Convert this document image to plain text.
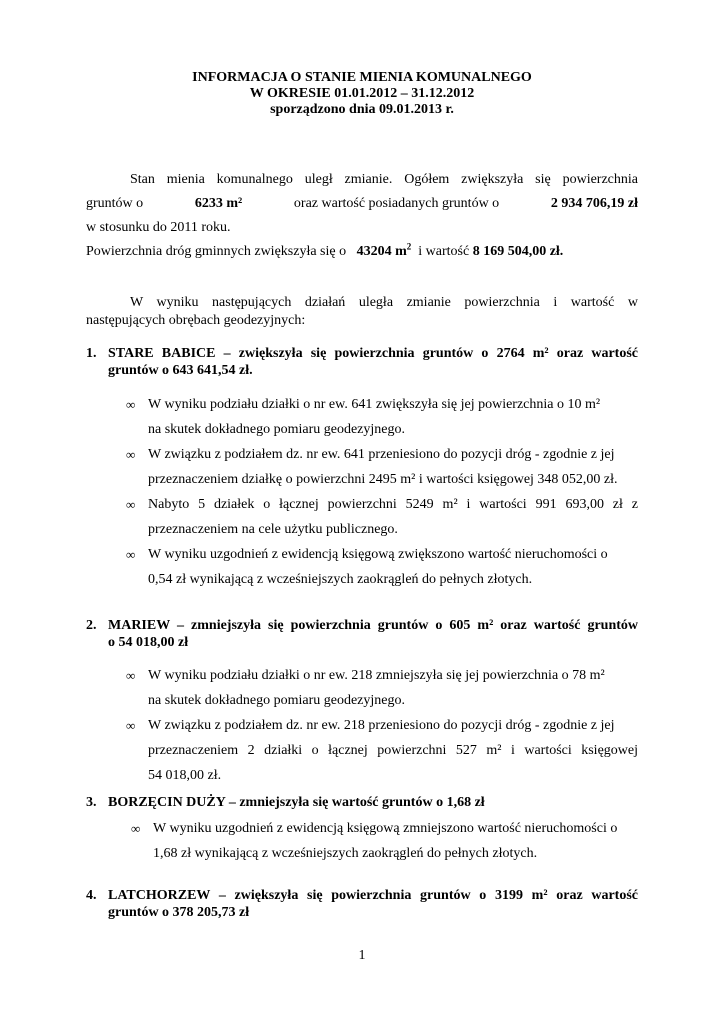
INFORMACJA O STANIE MIENIA KOMUNALNEGO
W OKRESIE 01.01.2012 – 31.12.2012
sporządzono dnia 09.01.2013 r.
Stan mienia komunalnego uległ zmianie. Ogółem zwiększyła się powierzchnia
gruntów o	6233 m²	oraz wartość posiadanych gruntów o	2 934 706,19 zł
w stosunku do 2011 roku.
Powierzchnia dróg gminnych zwiększyła się o 43204 $m^2$ i wartość 8 169 504,00 zł.
W wyniku następujących działań uległa zmianie powierzchnia i wartość w
następujących obrębach geodezyjnych:
1. STARE BABICE – zwiększyła się powierzchnia gruntów o 2764 m² oraz wartość
gruntów o 643 641,54 zł.
∞ W wyniku podziału działki o nr ew. 641 zwiększyła się jej powierzchnia o 10 m²
na skutek dokładnego pomiaru geodezyjnego.
∞ W związku z podziałem dz. nr ew. 641 przeniesiono do pozycji dróg - zgodnie z jej
przeznaczeniem działkę o powierzchni 2495 m² i wartości księgowej 348 052,00 zł.
∞ Nabyto 5 działek o łącznej powierzchni 5249 m² i wartości 991 693,00 zł z
przeznaczeniem na cele użytku publicznego.
∞ W wyniku uzgodnień z ewidencją księgową zwiększono wartość nieruchomości o
0,54 zł wynikającą z wcześniejszych zaokrągleń do pełnych złotych.
2. MARIEW – zmniejszyła się powierzchnia gruntów o 605 m² oraz wartość gruntów
o 54 018,00 zł
∞ W wyniku podziału działki o nr ew. 218 zmniejszyła się jej powierzchnia o 78 m²
na skutek dokładnego pomiaru geodezyjnego.
∞ W związku z podziałem dz. nr ew. 218 przeniesiono do pozycji dróg - zgodnie z jej
przeznaczeniem 2 działki o łącznej powierzchni 527 m² i wartości księgowej
54 018,00 zł.
3. BORZĘCIN DUŻY – zmniejszyła się wartość gruntów o 1,68 zł
∞ W wyniku uzgodnień z ewidencją księgową zmniejszono wartość nieruchomości o
1,68 zł wynikającą z wcześniejszych zaokrągleń do pełnych złotych.
4. LATCHORZEW – zwiększyła się powierzchnia gruntów o 3199 m² oraz wartość
gruntów o 378 205,73 zł
1
